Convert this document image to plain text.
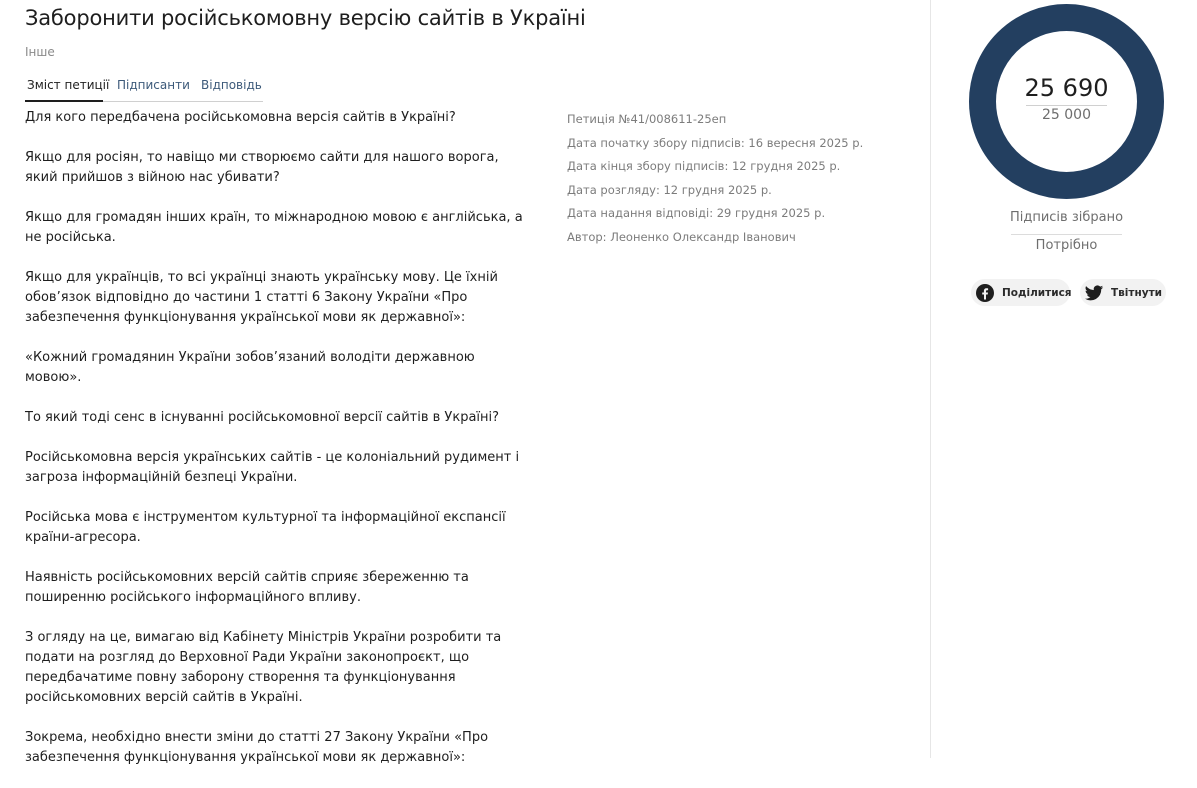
Заборонити російськомовну версію сайтів в Україні
Інше
Зміст петиції Підписанти Відповідь

Для кого передбачена російськомовна версія сайтів в Україні?

Якщо для росіян, то навіщо ми створюємо сайти для нашого ворога, який прийшов з війною нас убивати?

Якщо для громадян інших країн, то міжнародною мовою є англійська, а не російська.

Якщо для українців, то всі українці знають українську мову. Це їхній обов’язок відповідно до частини 1 статті 6 Закону України «Про забезпечення функціонування української мови як державної»:

«Кожний громадянин України зобов’язаний володіти державною мовою».

То який тоді сенс в існуванні російськомовної версії сайтів в Україні?

Російськомовна версія українських сайтів - це колоніальний рудимент і загроза інформаційній безпеці України.

Російська мова є інструментом культурної та інформаційної експансії країни-агресора.

Наявність російськомовних версій сайтів сприяє збереженню та поширенню російського інформаційного впливу.

З огляду на це, вимагаю від Кабінету Міністрів України розробити та подати на розгляд до Верховної Ради України законопроєкт, що передбачатиме повну заборону створення та функціонування російськомовних версій сайтів в Україні.

Зокрема, необхідно внести зміни до статті 27 Закону України «Про забезпечення функціонування української мови як державної»:

Петиція №41/008611-25еп
Дата початку збору підписів: 16 вересня 2025 р.
Дата кінця збору підписів: 12 грудня 2025 р.
Дата розгляду: 12 грудня 2025 р.
Дата надання відповіді: 29 грудня 2025 р.
Автор: Леоненко Олександр Іванович
25 690
25 000
Підписів зібрано
Потрібно
Поділитися	Твітнути
